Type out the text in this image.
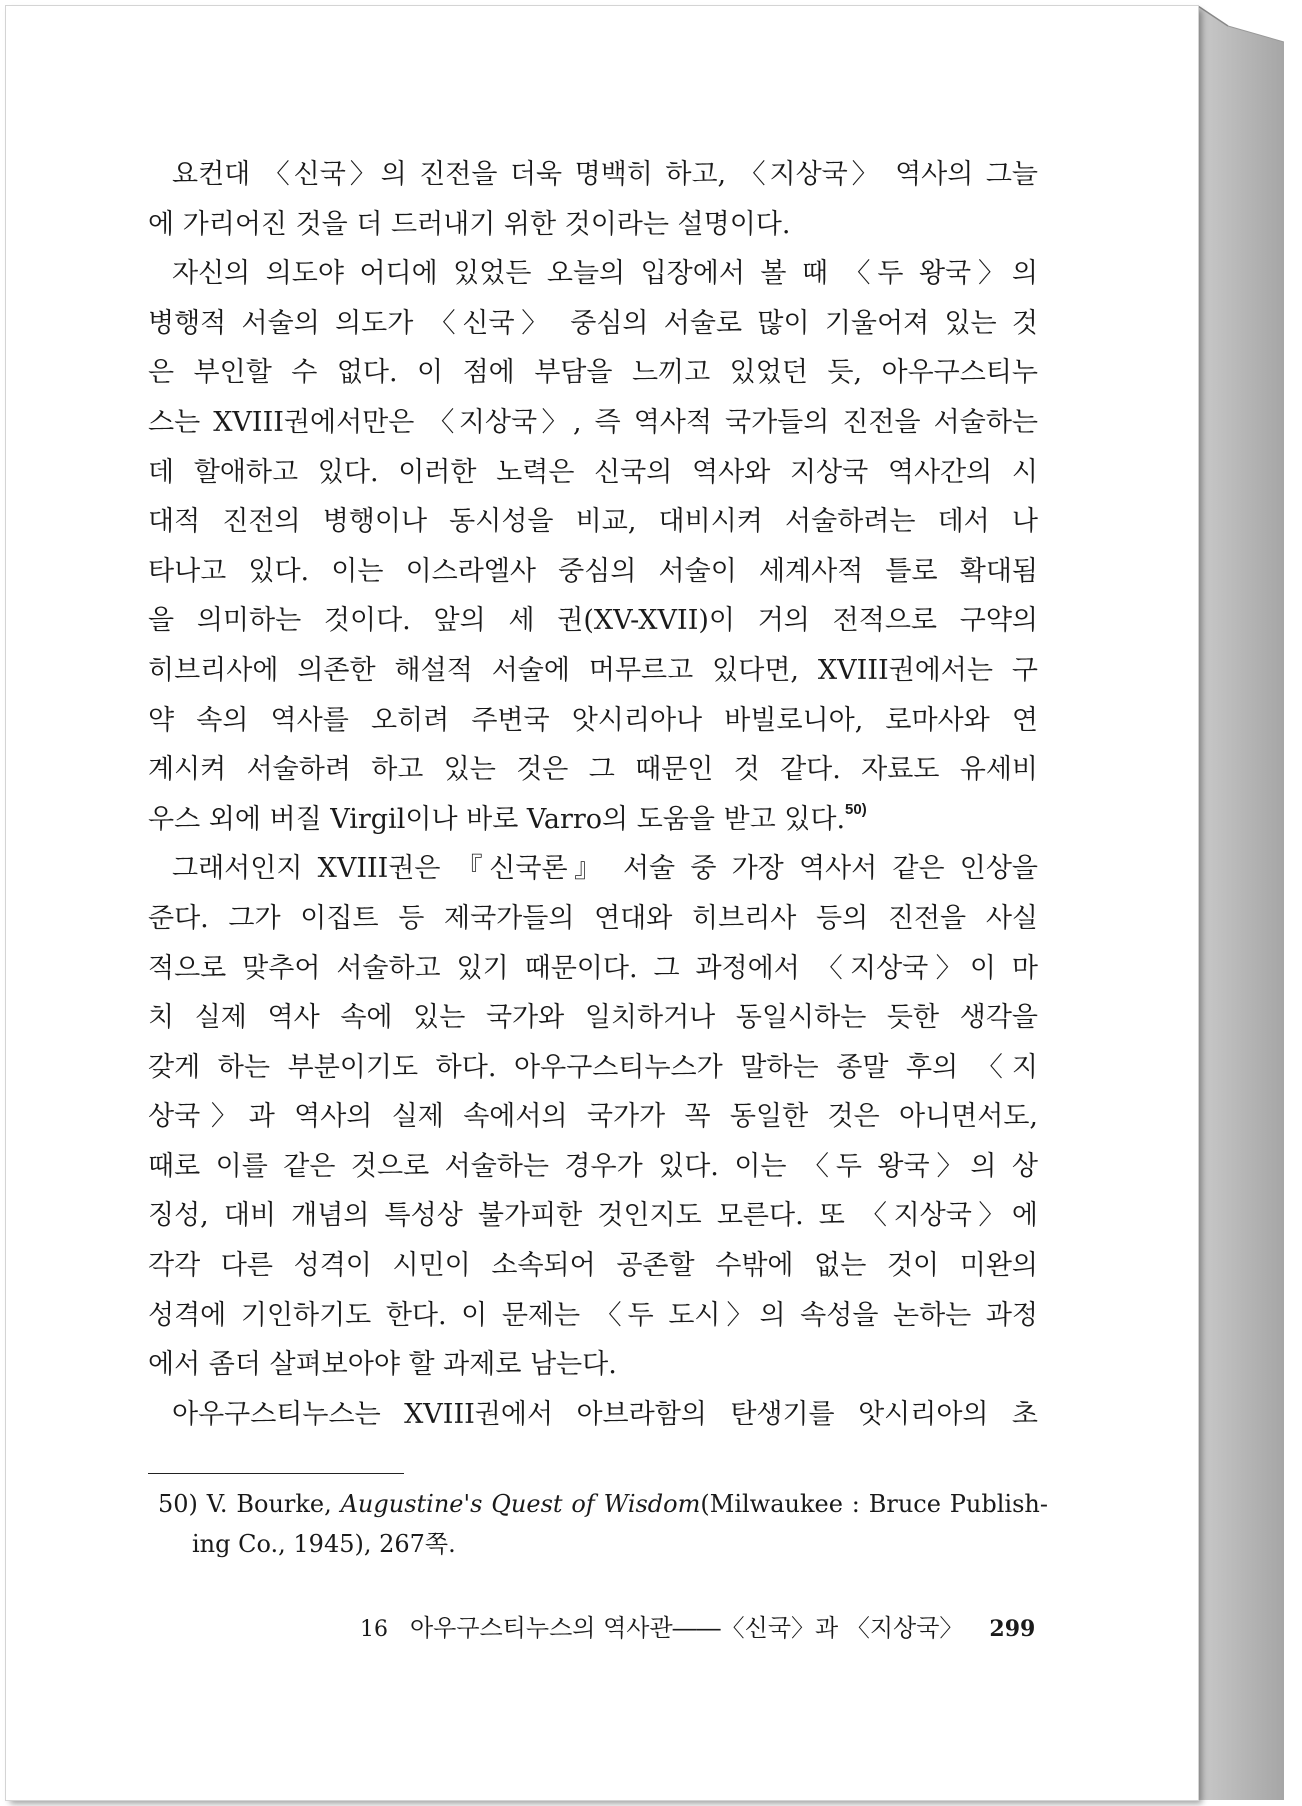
요컨대 〈신국〉의 진전을 더욱 명백히 하고, 〈지상국〉 역사의 그늘
에 가리어진 것을 더 드러내기 위한 것이라는 설명이다.
자신의 의도야 어디에 있었든 오늘의 입장에서 볼 때 〈두 왕국〉의
병행적 서술의 의도가 〈신국〉 중심의 서술로 많이 기울어져 있는 것
은 부인할 수 없다. 이 점에 부담을 느끼고 있었던 듯, 아우구스티누
스는 XVIII권에서만은 〈지상국〉, 즉 역사적 국가들의 진전을 서술하는
데 할애하고 있다. 이러한 노력은 신국의 역사와 지상국 역사간의 시
대적 진전의 병행이나 동시성을 비교, 대비시켜 서술하려는 데서 나
타나고 있다. 이는 이스라엘사 중심의 서술이 세계사적 틀로 확대됨
을 의미하는 것이다. 앞의 세 권(XV-XVII)이 거의 전적으로 구약의
히브리사에 의존한 해설적 서술에 머무르고 있다면, XVIII권에서는 구
약 속의 역사를 오히려 주변국 앗시리아나 바빌로니아, 로마사와 연
계시켜 서술하려 하고 있는 것은 그 때문인 것 같다. 자료도 유세비
우스 외에 버질 Virgil이나 바로 Varro의 도움을 받고 있다.$^{50)}$
그래서인지 XVIII권은 『신국론』 서술 중 가장 역사서 같은 인상을
준다. 그가 이집트 등 제국가들의 연대와 히브리사 등의 진전을 사실
적으로 맞추어 서술하고 있기 때문이다. 그 과정에서 〈지상국〉이 마
치 실제 역사 속에 있는 국가와 일치하거나 동일시하는 듯한 생각을
갖게 하는 부분이기도 하다. 아우구스티누스가 말하는 종말 후의 〈지
상국〉과 역사의 실제 속에서의 국가가 꼭 동일한 것은 아니면서도,
때로 이를 같은 것으로 서술하는 경우가 있다. 이는 〈두 왕국〉의 상
징성, 대비 개념의 특성상 불가피한 것인지도 모른다. 또 〈지상국〉에
각각 다른 성격이 시민이 소속되어 공존할 수밖에 없는 것이 미완의
성격에 기인하기도 한다. 이 문제는 〈두 도시〉의 속성을 논하는 과정
에서 좀더 살펴보아야 할 과제로 남는다.
아우구스티누스는 XVIII권에서 아브라함의 탄생기를 앗시리아의 초
50) V. Bourke, Augustine's Quest of Wisdom(Milwaukee : Bruce Publish-
ing Co., 1945), 267쪽.
16 아우구스티누스의 역사관――〈신국〉과 〈지상국〉 299
